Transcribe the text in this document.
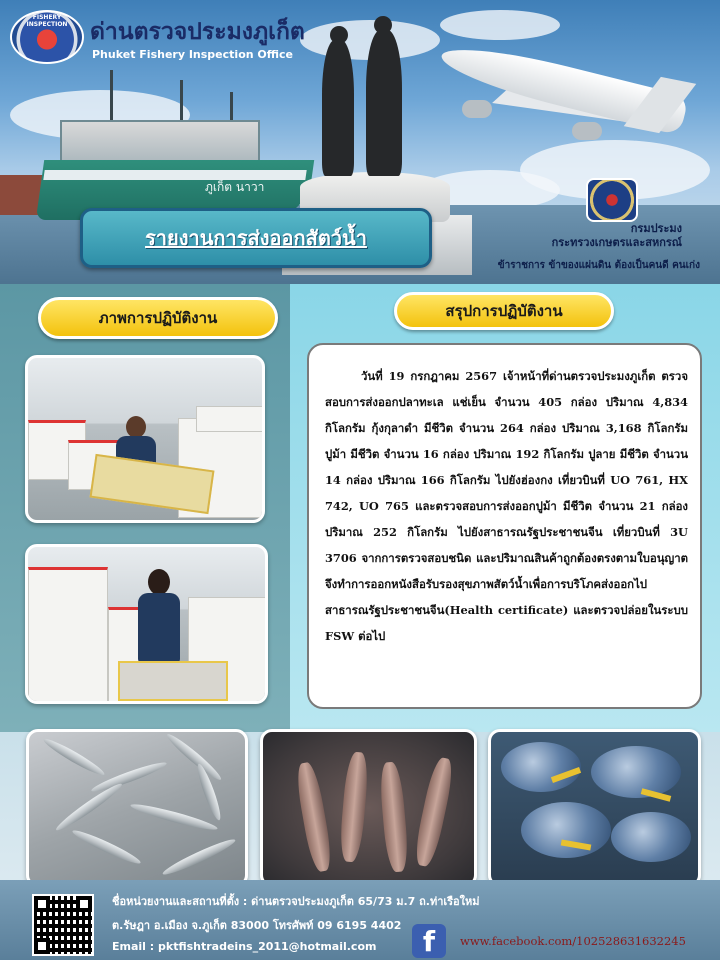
ภูเก็ต นาวา
FISHERY INSPECTION ด่านตรวจประมงภูเก็ต
Phuket Fishery Inspection Office
รายงานการส่งออกสัตว์น้ำ	กรมประมง
กระทรวงเกษตรและสหกรณ์
ข้าราชการ ข้าของแผ่นดิน ต้องเป็นคนดี คนเก่ง
ภาพการปฏิบัติงาน	สรุปการปฏิบัติงาน

วันที่ 19 กรกฎาคม 2567 เจ้าหน้าที่ด่านตรวจประมงภูเก็ต ตรวจสอบการส่งออกปลาทะเล แช่เย็น จำนวน 405 กล่อง ปริมาณ 4,834 กิโลกรัม กุ้งกุลาดำ มีชีวิต จำนวน 264 กล่อง ปริมาณ 3,168 กิโลกรัม ปูม้า มีชีวิต จำนวน 16 กล่อง ปริมาณ 192 กิโลกรัม ปูลาย มีชีวิต จำนวน 14 กล่อง ปริมาณ 166 กิโลกรัม ไปยังฮ่องกง เที่ยวบินที่ UO 761, HX 742, UO 765 และตรวจสอบการส่งออกปูม้า มีชีวิต จำนวน 21 กล่อง ปริมาณ 252 กิโลกรัม ไปยังสาธารณรัฐประชาชนจีน เที่ยวบินที่ 3U 3706 จากการตรวจสอบชนิด และปริมาณสินค้าถูกต้องตรงตามใบอนุญาต จึงทำการออกหนังสือรับรองสุขภาพสัตว์น้ำเพื่อการบริโภคส่งออกไปสาธารณรัฐประชาชนจีน(Health certificate) และตรวจปล่อยในระบบ FSW ต่อไป

ชื่อหน่วยงานและสถานที่ตั้ง : ด่านตรวจประมงภูเก็ต 65/73 ม.7 ถ.ท่าเรือใหม่
ต.รัษฎา อ.เมือง จ.ภูเก็ต 83000 โทรศัพท์ 09 6195 4402
Email : pktfishtradeins_2011@hotmail.com f www.facebook.com/102528631632245
